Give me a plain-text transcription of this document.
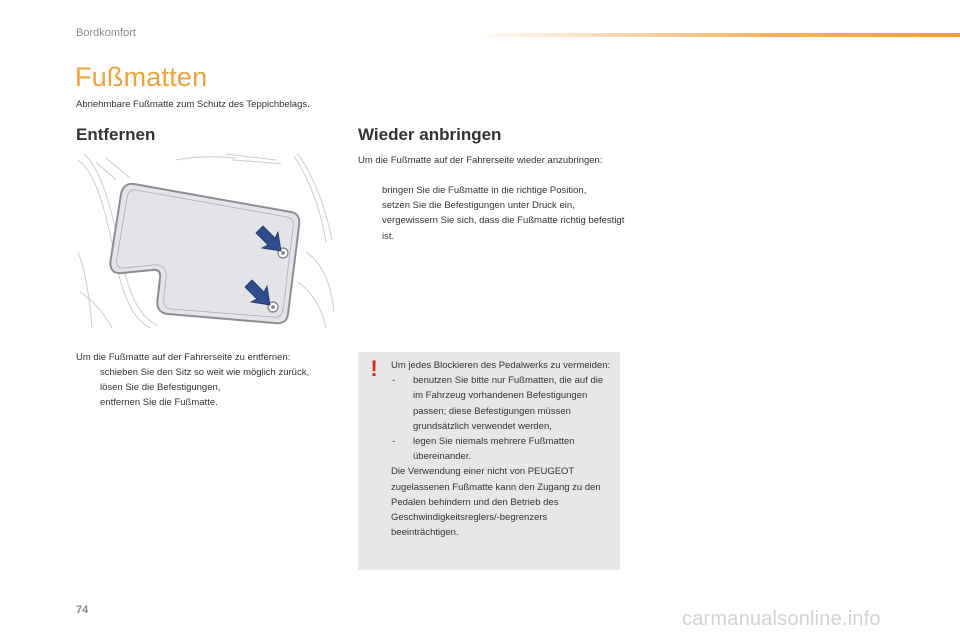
Bordkomfort
Fußmatten
Abnehmbare Fußmatte zum Schutz des Teppichbelags.
Entfernen	Wieder anbringen
Um die Fußmatte auf der Fahrerseite wieder anzubringen:
bringen Sie die Fußmatte in die richtige Position,
setzen Sie die Befestigungen unter Druck ein,
vergewissern Sie sich, dass die Fußmatte richtig befestigt ist.
Um die Fußmatte auf der Fahrerseite zu entfernen:
schieben Sie den Sitz so weit wie möglich zurück,
lösen Sie die Befestigungen,
entfernen Sie die Fußmatte.
!	Um jedes Blockieren des Pedalwerks zu vermeiden:
- benutzen Sie bitte nur Fußmatten, die auf die im Fahrzeug vorhandenen Befestigungen passen; diese Befestigungen müssen grundsätzlich verwendet werden,
- legen Sie niemals mehrere Fußmatten übereinander.
Die Verwendung einer nicht von PEUGEOT zugelassenen Fußmatte kann den Zugang zu den Pedalen behindern und den Betrieb des Geschwindigkeitsreglers/-begrenzers beeinträchtigen.
74	carmanualsonline.info
